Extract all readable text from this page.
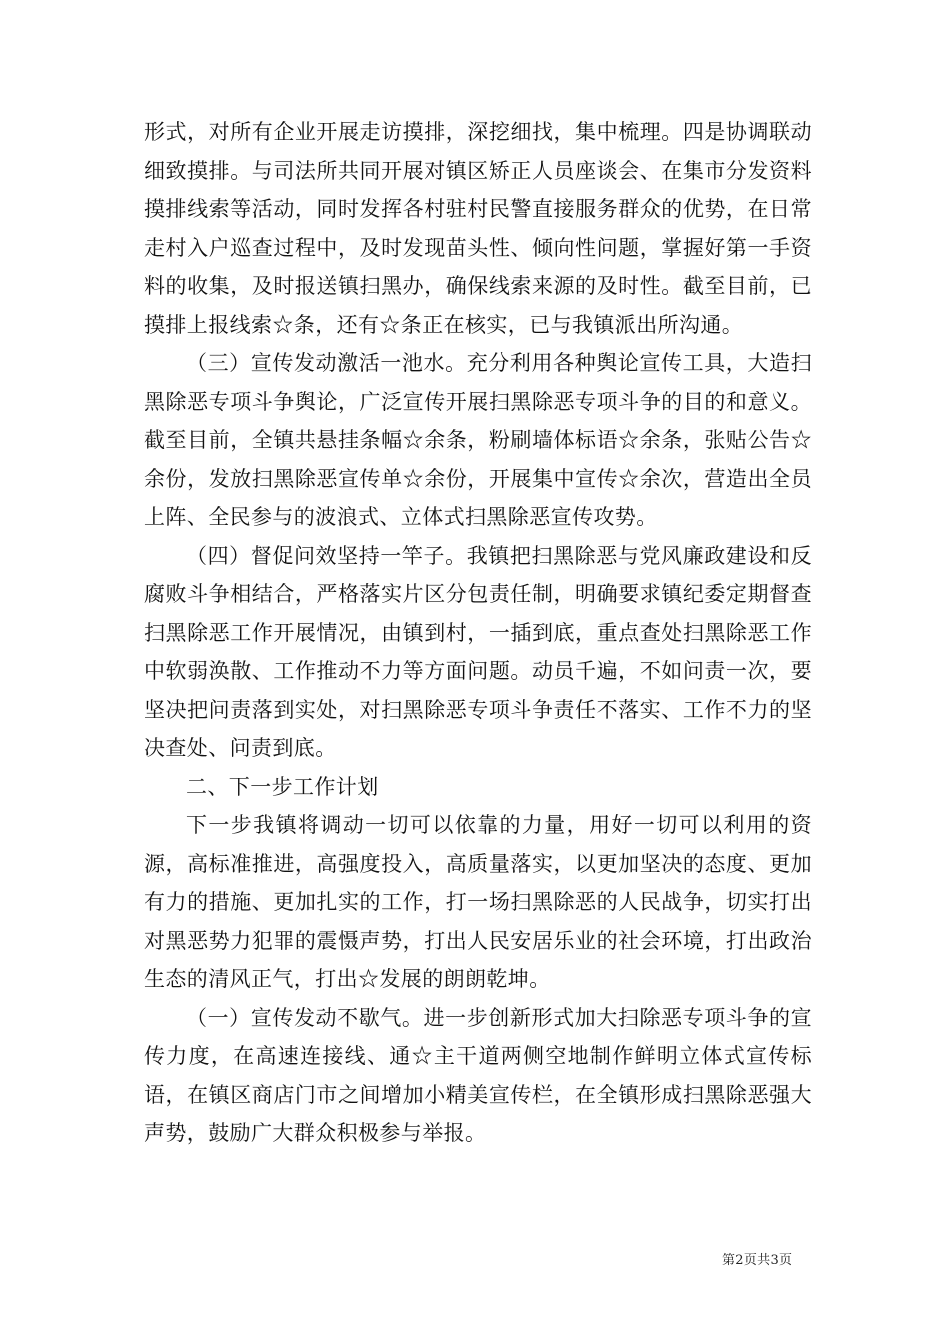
形式，对所有企业开展走访摸排，深挖细找，集中梳理。四是协调联动细致摸排。与司法所共同开展对镇区矫正人员座谈会、在集市分发资料摸排线索等活动，同时发挥各村驻村民警直接服务群众的优势，在日常走村入户巡查过程中，及时发现苗头性、倾向性问题，掌握好第一手资料的收集，及时报送镇扫黑办，确保线索来源的及时性。截至目前，已摸排上报线索☆条，还有☆条正在核实，已与我镇派出所沟通。

（三）宣传发动激活一池水。充分利用各种舆论宣传工具，大造扫黑除恶专项斗争舆论，广泛宣传开展扫黑除恶专项斗争的目的和意义。截至目前，全镇共悬挂条幅☆余条，粉刷墙体标语☆余条，张贴公告☆余份，发放扫黑除恶宣传单☆余份，开展集中宣传☆余次，营造出全员上阵、全民参与的波浪式、立体式扫黑除恶宣传攻势。

（四）督促问效坚持一竿子。我镇把扫黑除恶与党风廉政建设和反腐败斗争相结合，严格落实片区分包责任制，明确要求镇纪委定期督查扫黑除恶工作开展情况，由镇到村，一插到底，重点查处扫黑除恶工作中软弱涣散、工作推动不力等方面问题。动员千遍，不如问责一次，要坚决把问责落到实处，对扫黑除恶专项斗争责任不落实、工作不力的坚决查处、问责到底。

二、下一步工作计划

下一步我镇将调动一切可以依靠的力量，用好一切可以利用的资源，高标准推进，高强度投入，高质量落实，以更加坚决的态度、更加有力的措施、更加扎实的工作，打一场扫黑除恶的人民战争，切实打出对黑恶势力犯罪的震慑声势，打出人民安居乐业的社会环境，打出政治生态的清风正气，打出☆发展的朗朗乾坤。

（一）宣传发动不歇气。进一步创新形式加大扫除恶专项斗争的宣传力度，在高速连接线、通☆主干道两侧空地制作鲜明立体式宣传标语，在镇区商店门市之间增加小精美宣传栏，在全镇形成扫黑除恶强大声势，鼓励广大群众积极参与举报。

第2页共3页
